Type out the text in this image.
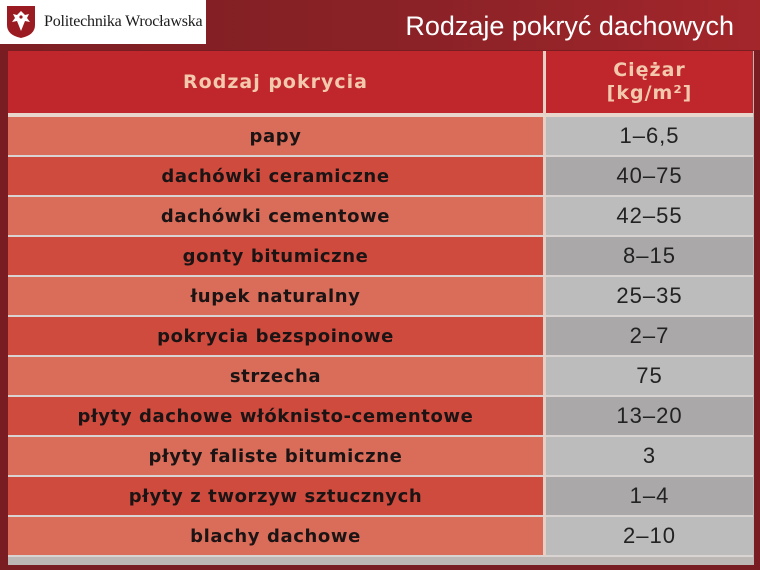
Politechnika Wrocławska	Rodzaje pokryć dachowych
Rodzaj pokrycia	Ciężar
[kg/m²]
papy	1–6,5
dachówki ceramiczne	40–75
dachówki cementowe	42–55
gonty bitumiczne	8–15
łupek naturalny	25–35
pokrycia bezspoinowe	2–7
strzecha	75
płyty dachowe włóknisto-cementowe	13–20
płyty faliste bitumiczne	3
płyty z tworzyw sztucznych	1–4
blachy dachowe	2–10
